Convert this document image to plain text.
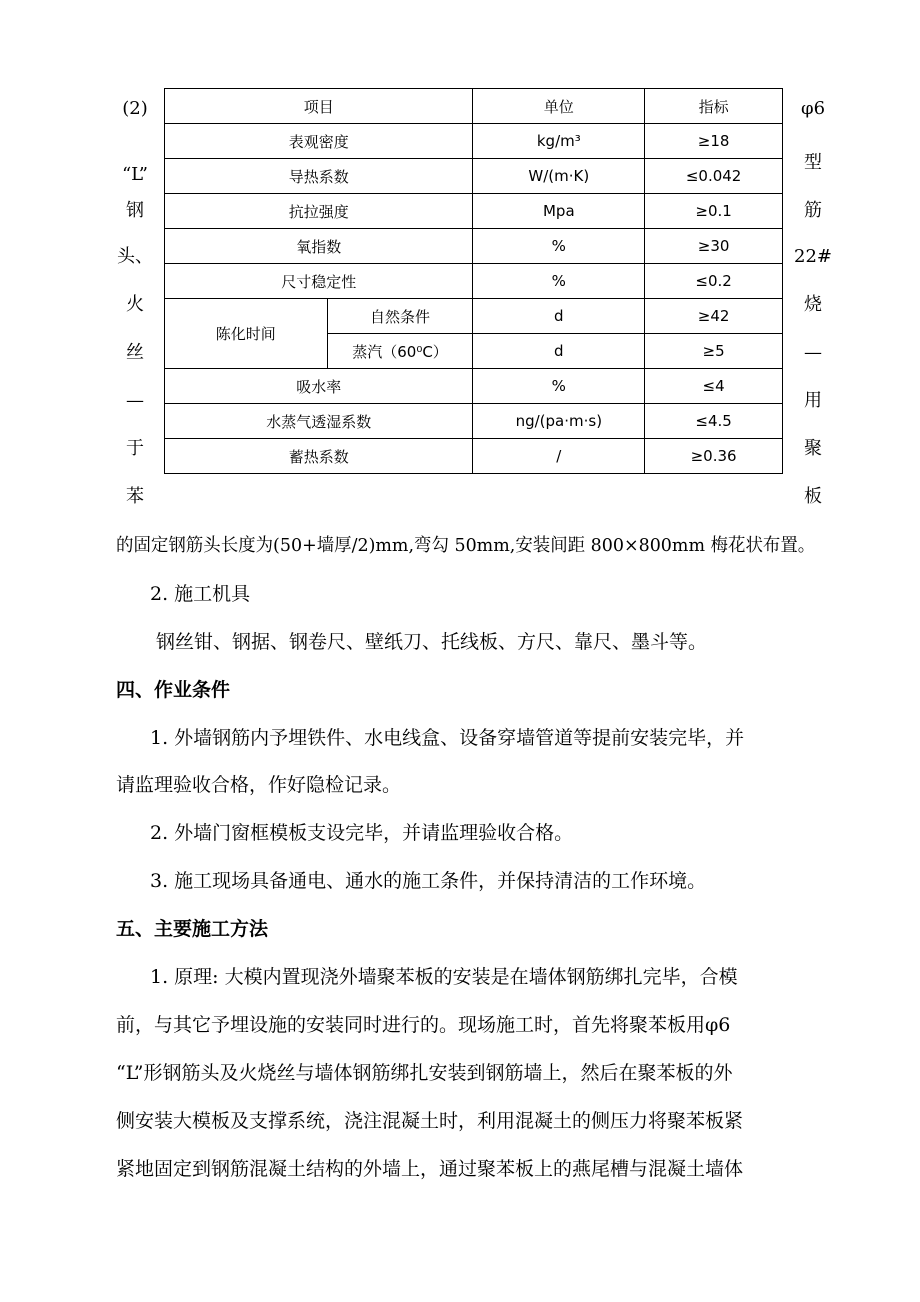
(2)
“L”
钢
头、
火
丝
—
于
苯
φ6
型
筋
22#
烧
—
用
聚
板
项目		单位	指标
表观密度		kg/m³	≥18
导热系数		W/(m·K)	≤0.042
抗拉强度		Mpa	≥0.1
氧指数		%	≥30
尺寸稳定性		%	≤0.2
陈化时间	自然条件	d	≥42
	蒸汽（60⁰C）	d	≥5
吸水率		%	≤4
水蒸气透湿系数		ng/(pa·m·s)	≤4.5
蓄热系数		/	≥0.36
的固定钢筋头长度为(50+墙厚/2)mm,弯勾 50mm,安装间距 800×800mm 梅花状布置。
2. 施工机具
钢丝钳、钢据、钢卷尺、壁纸刀、托线板、方尺、靠尺、墨斗等。
四、作业条件
1. 外墙钢筋内予埋铁件、水电线盒、设备穿墙管道等提前安装完毕，并
请监理验收合格，作好隐检记录。
2. 外墙门窗框模板支设完毕，并请监理验收合格。
3. 施工现场具备通电、通水的施工条件，并保持清洁的工作环境。
五、主要施工方法
1. 原理: 大模内置现浇外墙聚苯板的安装是在墙体钢筋绑扎完毕，合模
前，与其它予埋设施的安装同时进行的。现场施工时，首先将聚苯板用φ6
“L”形钢筋头及火烧丝与墙体钢筋绑扎安装到钢筋墙上，然后在聚苯板的外
侧安装大模板及支撑系统，浇注混凝土时，利用混凝土的侧压力将聚苯板紧
紧地固定到钢筋混凝土结构的外墙上，通过聚苯板上的燕尾槽与混凝土墙体
